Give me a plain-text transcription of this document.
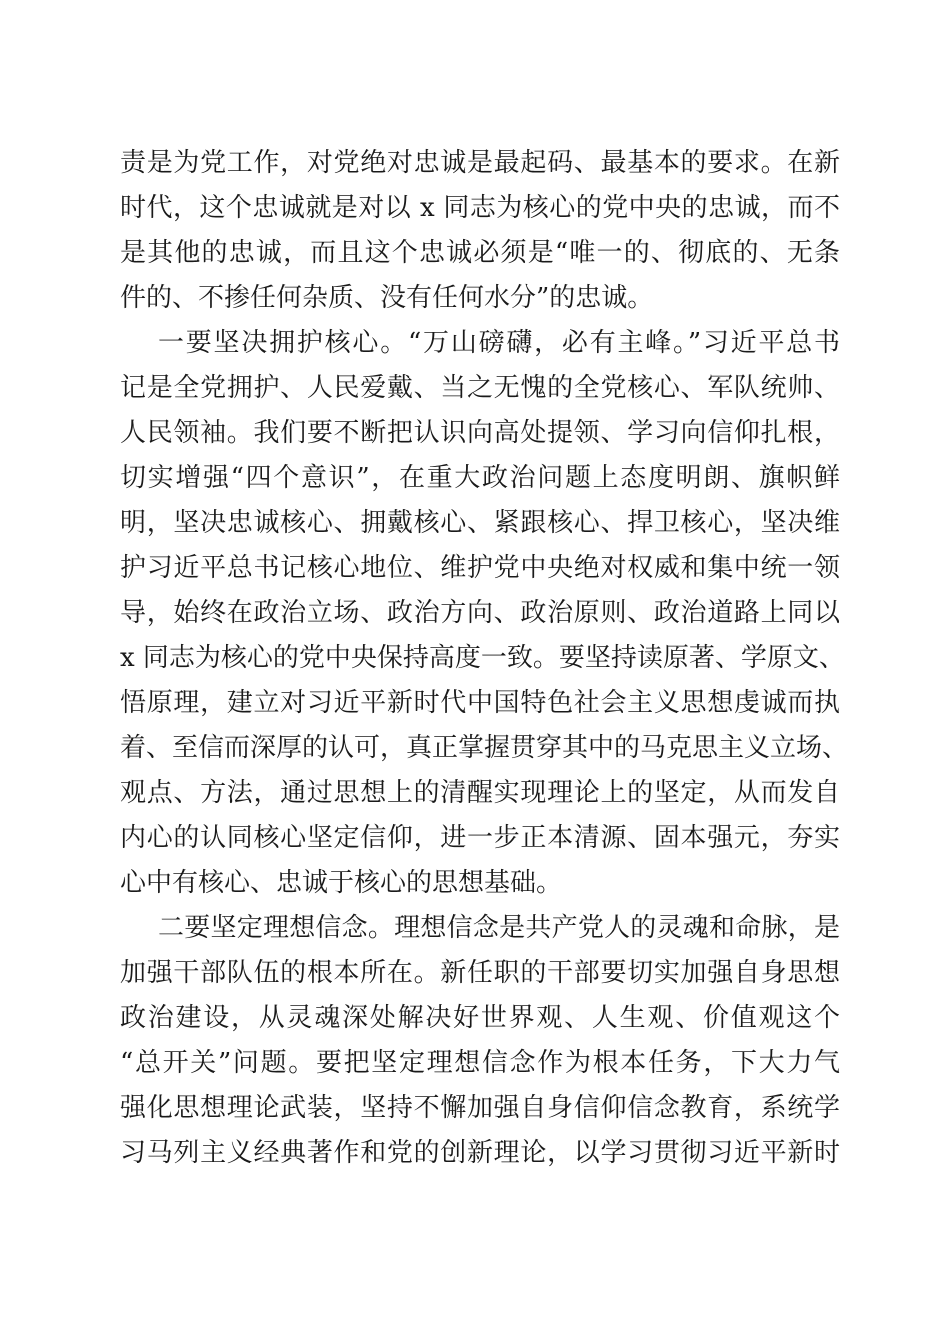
责是为党工作，对党绝对忠诚是最起码、最基本的要求。在新
时代，这个忠诚就是对以 x 同志为核心的党中央的忠诚，而不
是其他的忠诚，而且这个忠诚必须是“唯一的、彻底的、无条
件的、不掺任何杂质、没有任何水分”的忠诚。
一要坚决拥护核心。“万山磅礴，必有主峰。”习近平总书
记是全党拥护、人民爱戴、当之无愧的全党核心、军队统帅、
人民领袖。我们要不断把认识向高处提领、学习向信仰扎根，
切实增强“四个意识”，在重大政治问题上态度明朗、旗帜鲜
明，坚决忠诚核心、拥戴核心、紧跟核心、捍卫核心，坚决维
护习近平总书记核心地位、维护党中央绝对权威和集中统一领
导，始终在政治立场、政治方向、政治原则、政治道路上同以
x 同志为核心的党中央保持高度一致。要坚持读原著、学原文、
悟原理，建立对习近平新时代中国特色社会主义思想虔诚而执
着、至信而深厚的认可，真正掌握贯穿其中的马克思主义立场、
观点、方法，通过思想上的清醒实现理论上的坚定，从而发自
内心的认同核心坚定信仰，进一步正本清源、固本强元，夯实
心中有核心、忠诚于核心的思想基础。
二要坚定理想信念。理想信念是共产党人的灵魂和命脉，是
加强干部队伍的根本所在。新任职的干部要切实加强自身思想
政治建设，从灵魂深处解决好世界观、人生观、价值观这个
“总开关”问题。要把坚定理想信念作为根本任务，下大力气
强化思想理论武装，坚持不懈加强自身信仰信念教育，系统学
习马列主义经典著作和党的创新理论，以学习贯彻习近平新时
